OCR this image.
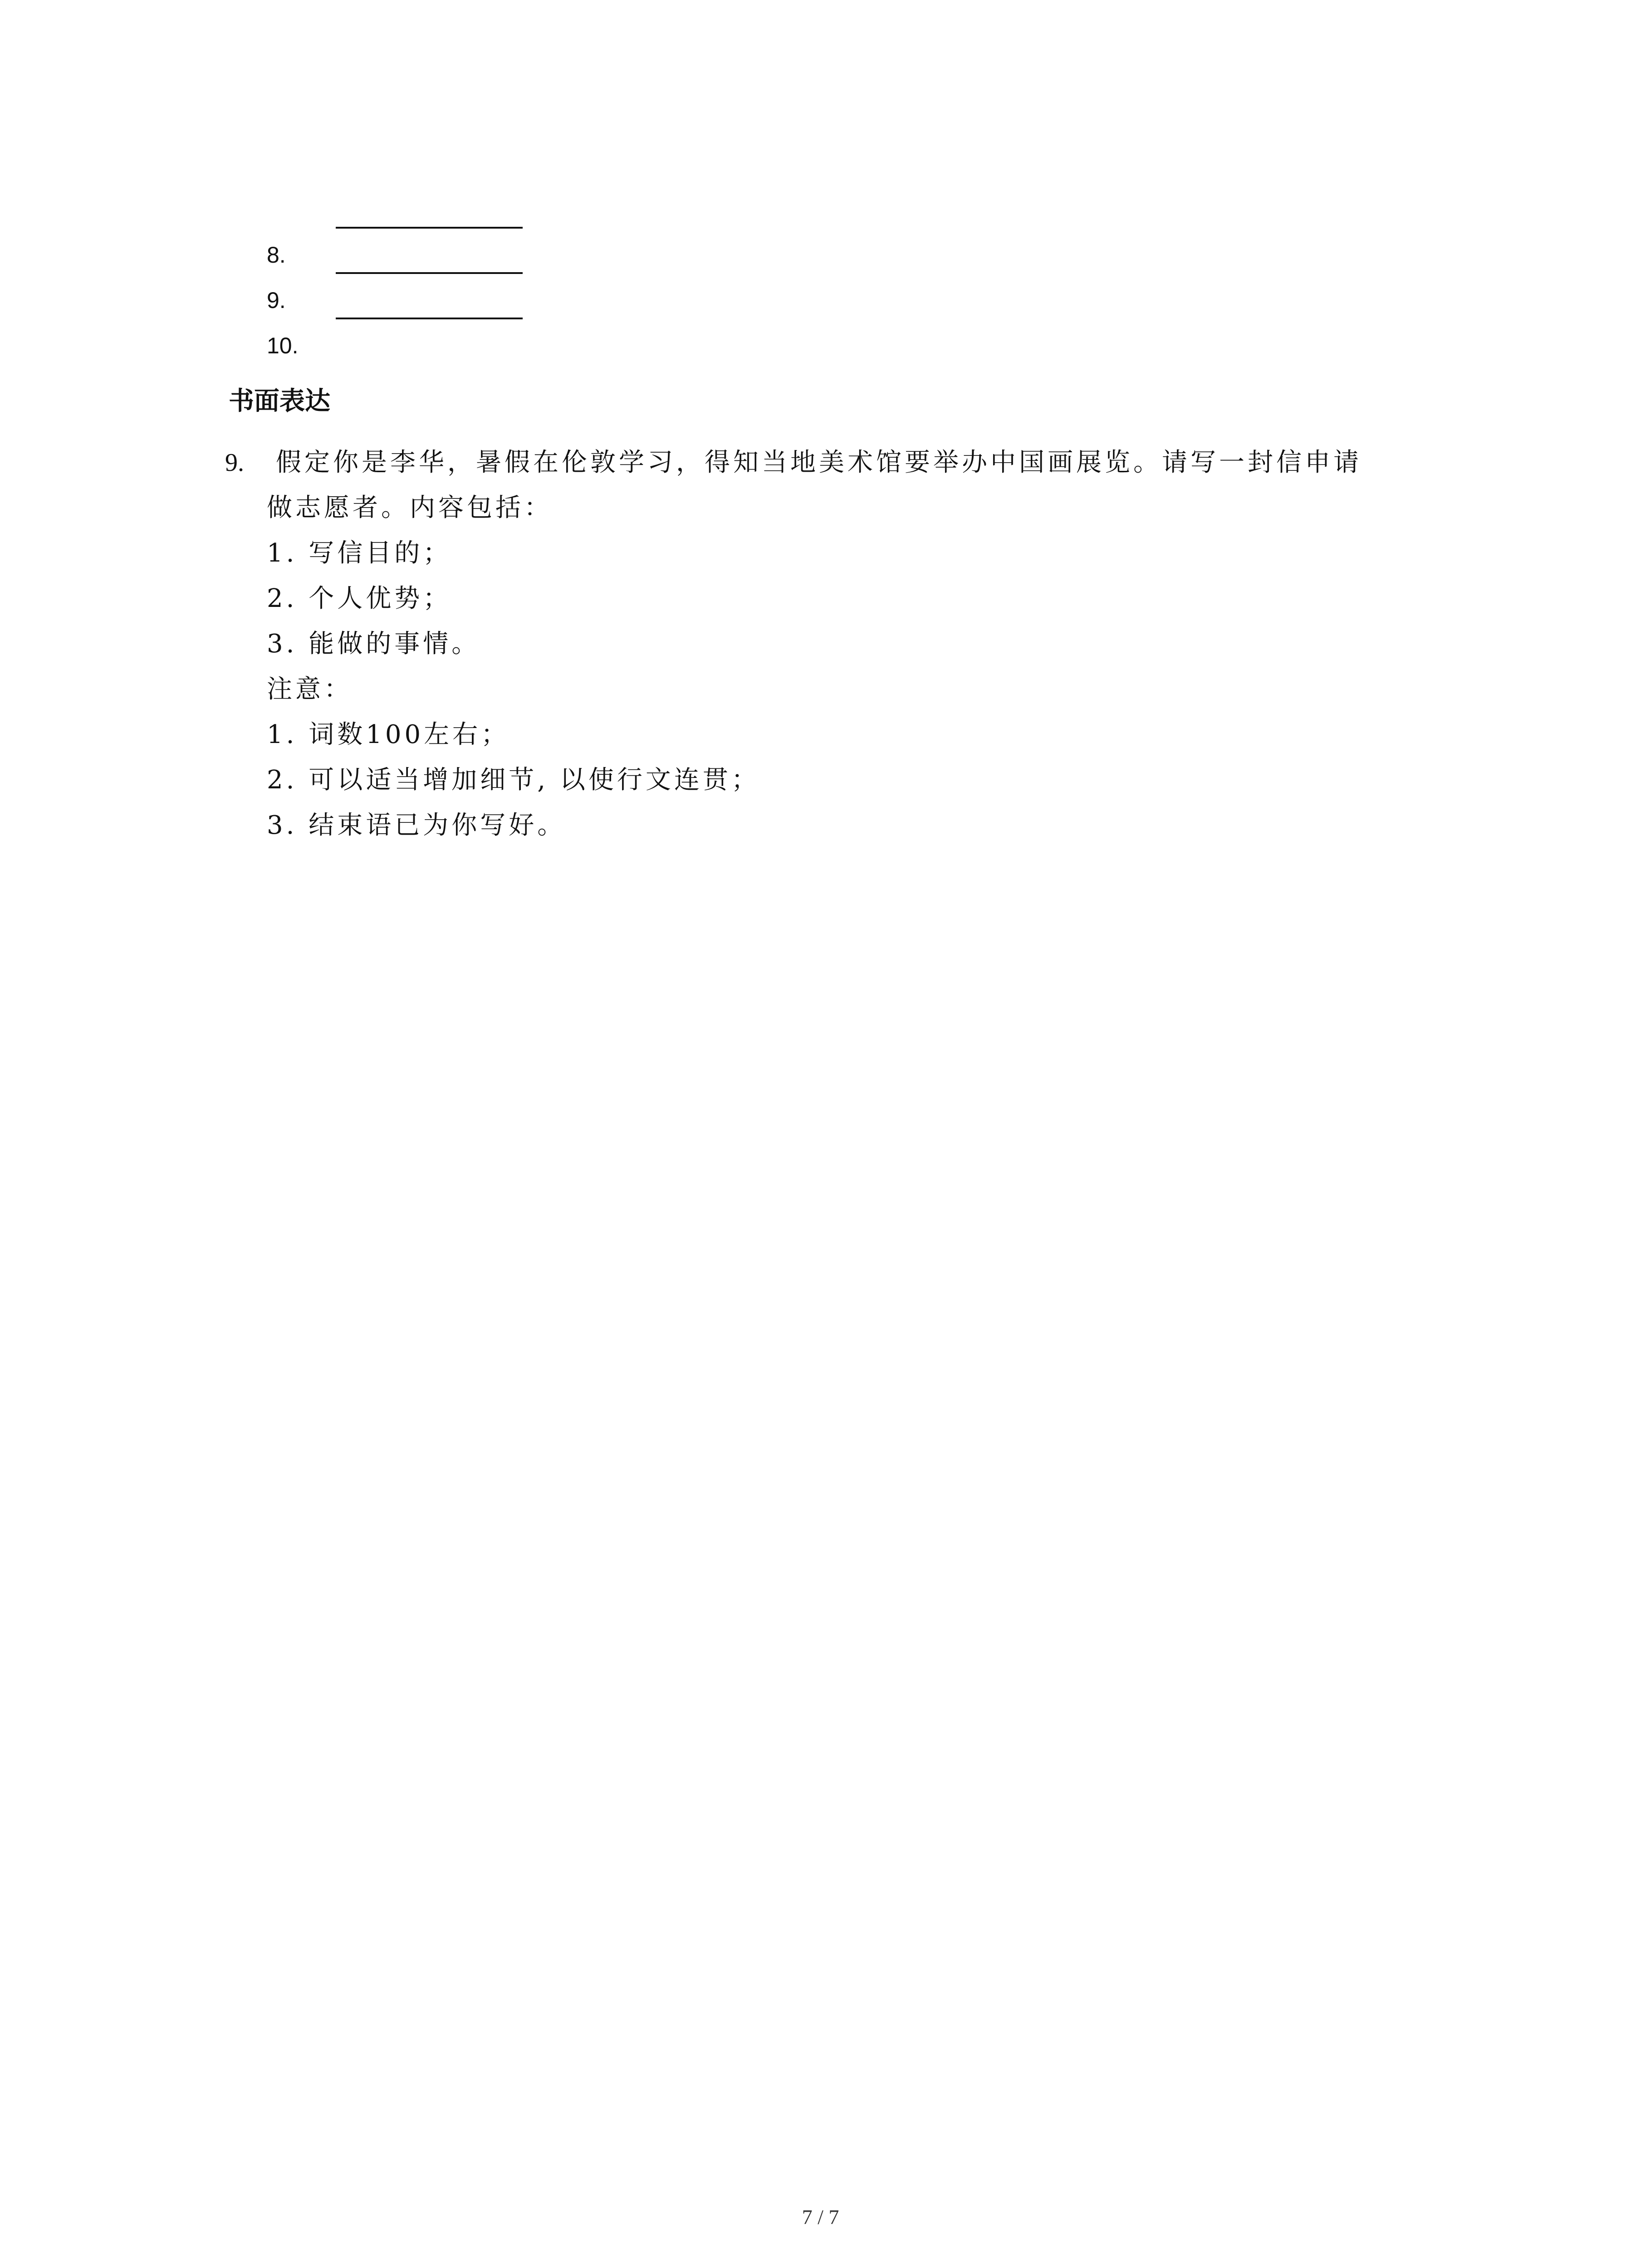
8.
9.
10.
书面表达
9.	假定你是李华，暑假在伦敦学习，得知当地美术馆要举办中国画展览。请写一封信申请
做志愿者。内容包括：
1. 写信目的；
2. 个人优势；
3. 能做的事情。
注意：
1. 词数100左右；
2. 可以适当增加细节, 以使行文连贯；
3. 结束语已为你写好。
7 / 7
